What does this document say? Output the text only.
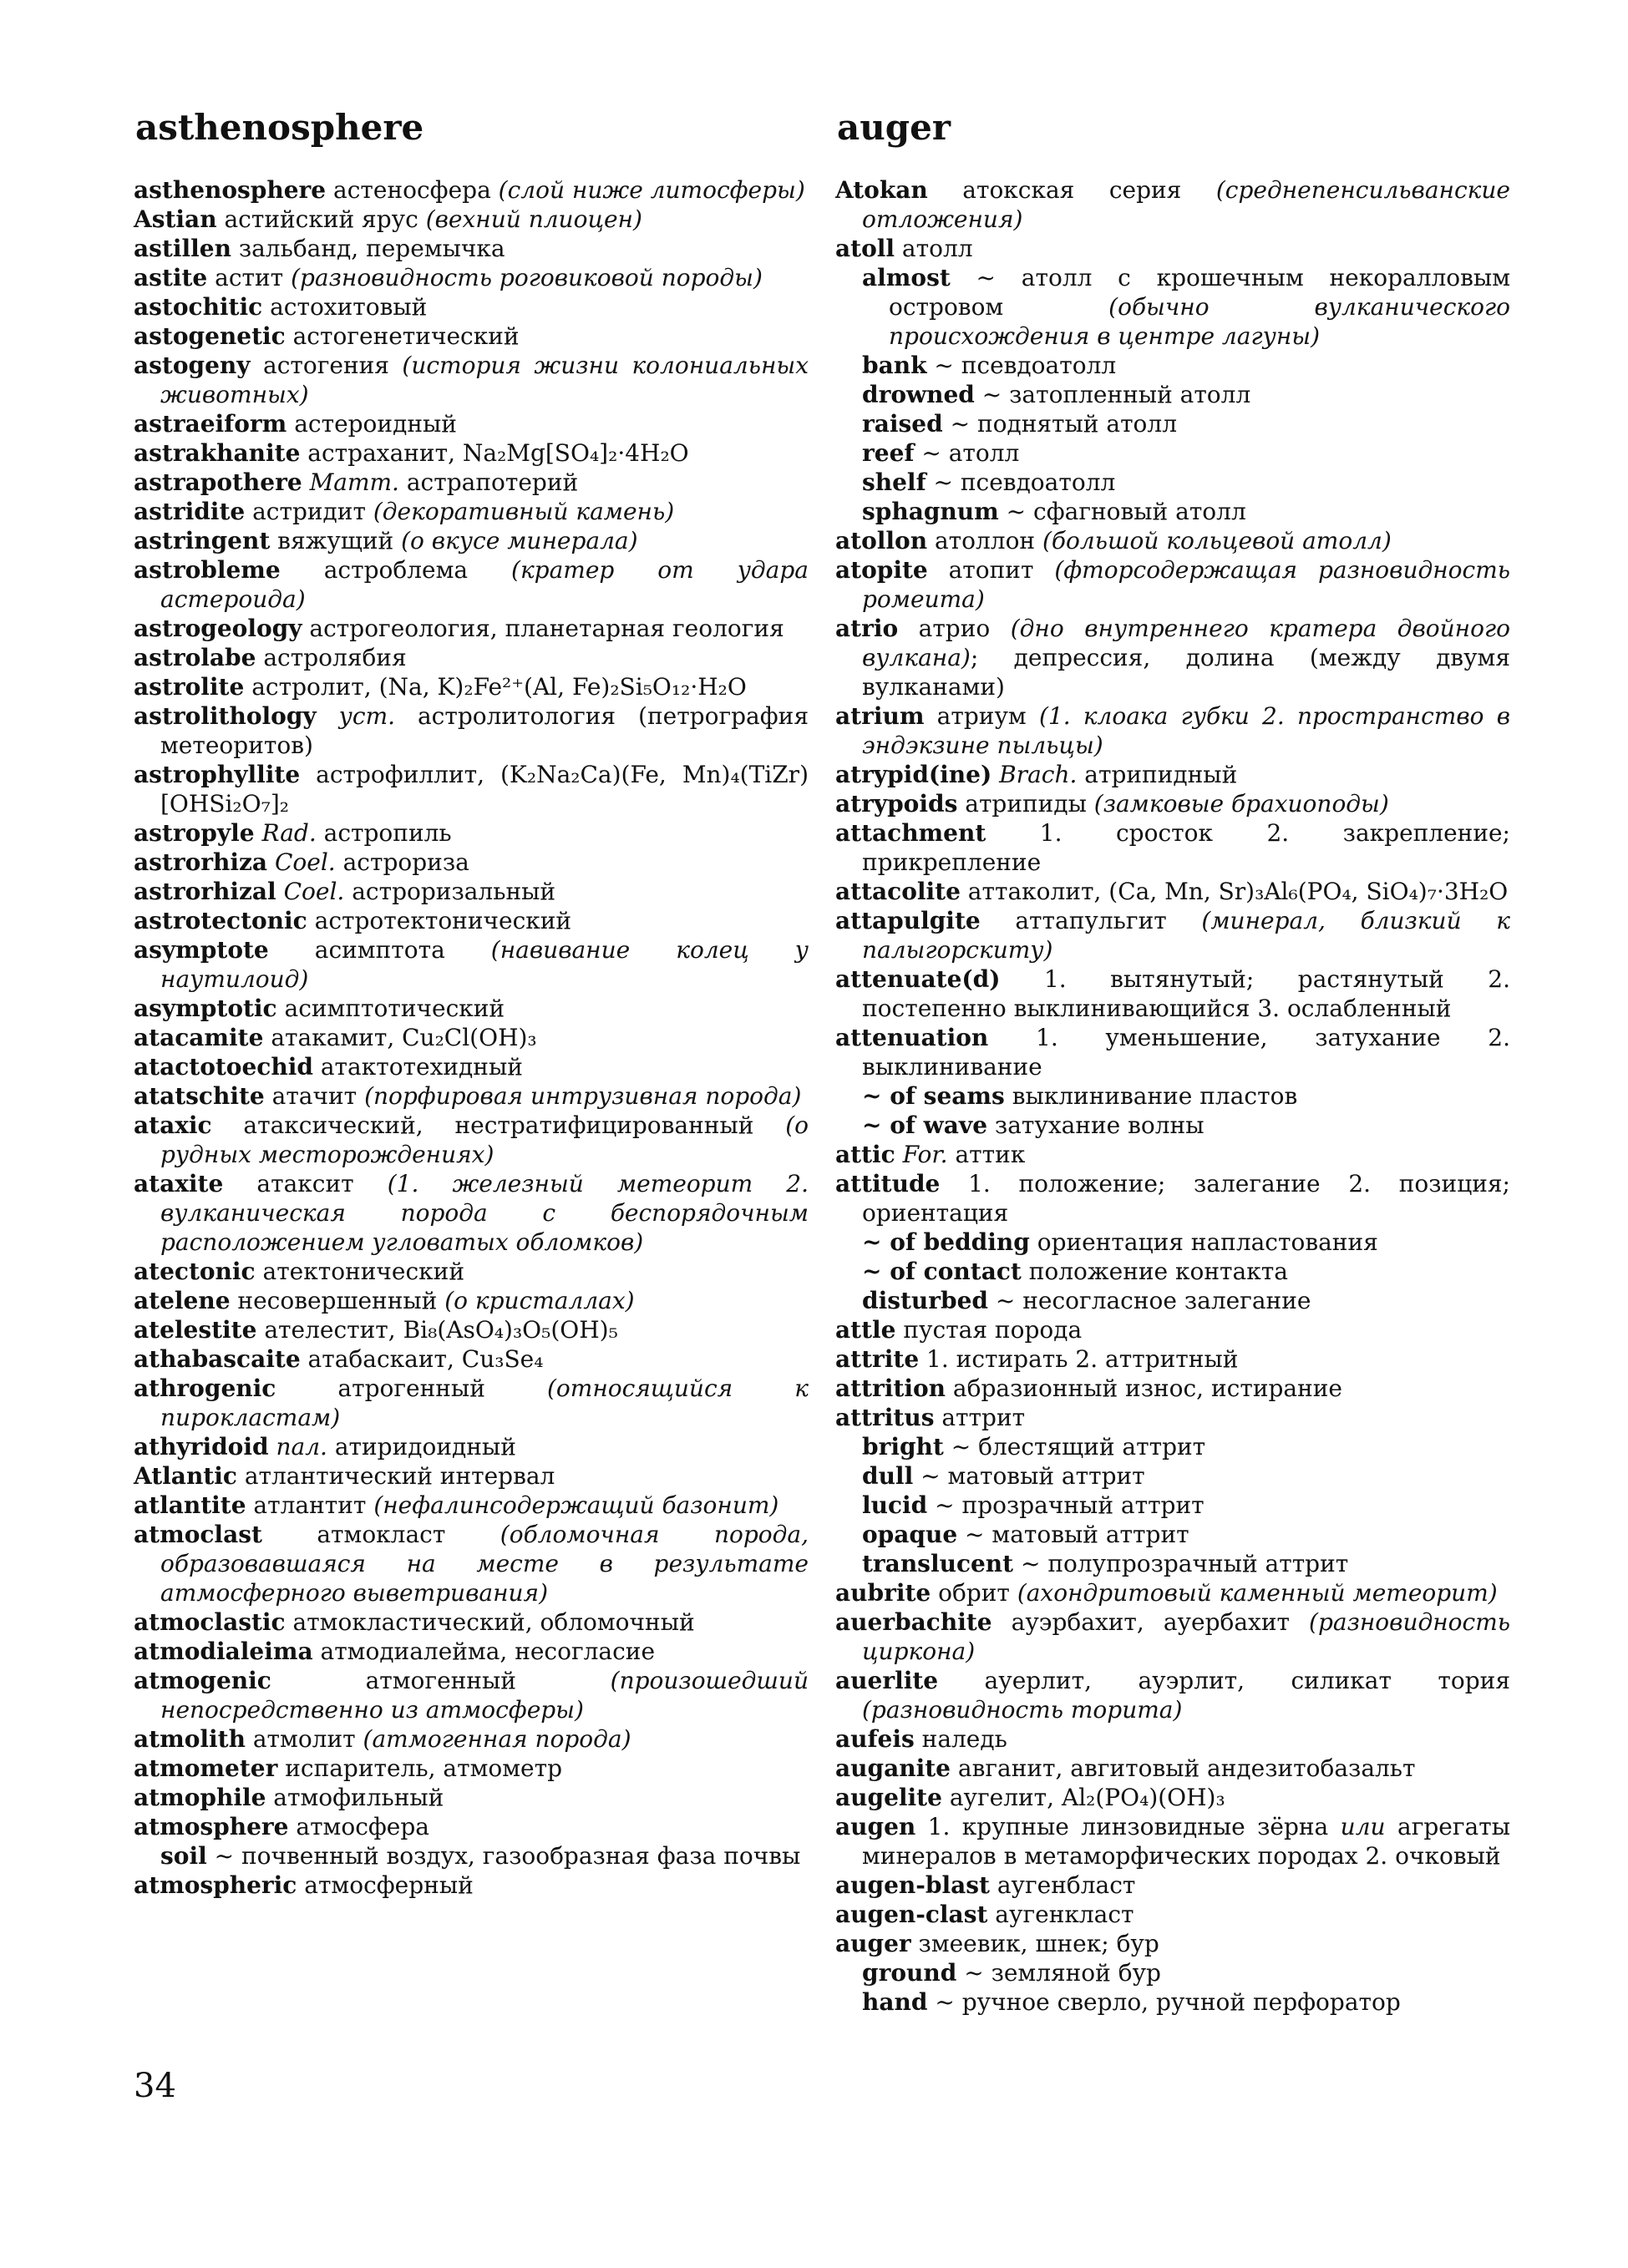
asthenosphere	auger
asthenosphere астеносфера (слой ниже литосферы)
Astian астийский ярус (вехний плиоцен)
astillen зальбанд, перемычка
astite астит (разновидность роговиковой породы)
astochitic астохитовый
astogenetic астогенетический
astogeny астогения (история жизни колониальных животных)
astraeiform астероидный
astrakhanite астраханит, Na₂Mg[SO₄]₂·4H₂O
astrapothere Mamm. астрапотерий
astridite астридит (декоративный камень)
astringent вяжущий (о вкусе минерала)
astrobleme астроблема (кратер от удара астероида)
astrogeology астрогеология, планетарная геология
astrolabe астролябия
astrolite астролит, (Na, K)₂Fe²⁺(Al, Fe)₂Si₅O₁₂·H₂O
astrolithology уст. астролитология (петрография метеоритов)
astrophyllite астрофиллит, (K₂Na₂Ca)(Fe, Mn)₄(TiZr)[OHSi₂O₇]₂
astropyle Rad. астропиль
astrorhiza Coel. астрориза
astrorhizal Coel. астроризальный
astrotectonic астротектонический
asymptote асимптота (навивание колец у наутилоид)
asymptotic асимптотический
atacamite атакамит, Cu₂Cl(OH)₃
atactotoechid атактотехидный
atatschite атачит (порфировая интрузивная порода)
ataxic атаксический, нестратифицированный (о рудных месторождениях)
ataxite атаксит (1. железный метеорит 2. вулканическая порода с беспорядочным расположением угловатых обломков)
atectonic атектонический
atelene несовершенный (о кристаллах)
atelestite ателестит, Bi₈(AsO₄)₃O₅(OH)₅
athabascaite атабаскаит, Cu₃Se₄
athrogenic атрогенный (относящийся к пирокластам)
athyridoid пал. атиридоидный
Atlantic атлантический интервал
atlantite атлантит (нефалинсодержащий базонит)
atmoclast атмокласт (обломочная порода, образовавшаяся на месте в результате атмосферного выветривания)
atmoclastic атмокластический, обломочный
atmodialeima атмодиалейма, несогласие
atmogenic атмогенный (произошедший непосредственно из атмосферы)
atmolith атмолит (атмогенная порода)
atmometer испаритель, атмометр
atmophile атмофильный
atmosphere атмосфера
soil ~ почвенный воздух, газообразная фаза почвы
atmospheric атмосферный
Atokan атокская серия (среднепенсильванские отложения)
atoll атолл
almost ~ атолл с крошечным некоралловым островом (обычно вулканического происхождения в центре лагуны)
bank ~ псевдоатолл
drowned ~ затопленный атолл
raised ~ поднятый атолл
reef ~ атолл
shelf ~ псевдоатолл
sphagnum ~ сфагновый атолл
atollon атоллон (большой кольцевой атолл)
atopite атопит (фторсодержащая разновидность ромеита)
atrio атрио (дно внутреннего кратера двойного вулкана); депрессия, долина (между двумя вулканами)
atrium атриум (1. клоака губки 2. пространство в эндэкзине пыльцы)
atrypid(ine) Brach. атрипидный
atrypoids атрипиды (замковые брахиоподы)
attachment 1. сросток 2. закрепление; прикрепление
attacolite аттаколит, (Ca, Mn, Sr)₃Al₆(PO₄, SiO₄)₇·3H₂O
attapulgite аттапульгит (минерал, близкий к палыгорскиту)
attenuate(d) 1. вытянутый; растянутый 2. постепенно выклинивающийся 3. ослабленный
attenuation 1. уменьшение, затухание 2. выклинивание
~ of seams выклинивание пластов
~ of wave затухание волны
attic For. аттик
attitude 1. положение; залегание 2. позиция; ориентация
~ of bedding ориентация напластования
~ of contact положение контакта
disturbed ~ несогласное залегание
attle пустая порода
attrite 1. истирать 2. аттритный
attrition абразионный износ, истирание
attritus аттрит
bright ~ блестящий аттрит
dull ~ матовый аттрит
lucid ~ прозрачный аттрит
opaque ~ матовый аттрит
translucent ~ полупрозрачный аттрит
aubrite обрит (ахондритовый каменный метеорит)
auerbachite ауэрбахит, ауербахит (разновидность циркона)
auerlite ауерлит, ауэрлит, силикат тория (разновидность торита)
aufeis наледь
auganite авганит, авгитовый андезитобазальт
augelite аугелит, Al₂(PO₄)(OH)₃
augen 1. крупные линзовидные зёрна или агрегаты минералов в метаморфических породах 2. очковый
augen-blast аугенбласт
augen-clast аугенкласт
auger змеевик, шнек; бур
ground ~ земляной бур
hand ~ ручное сверло, ручной перфоратор
34
